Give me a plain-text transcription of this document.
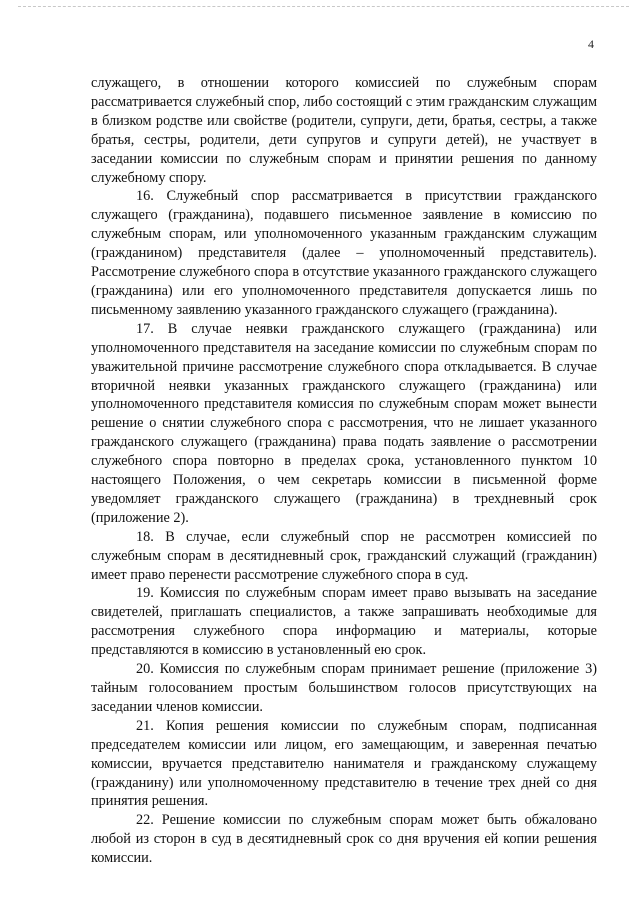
4

служащего, в отношении которого комиссией по служебным спорам рассматривается служебный спор, либо состоящий с этим гражданским служащим в близком родстве или свойстве (родители, супруги, дети, братья, сестры, а также братья, сестры, родители, дети супругов и супруги детей), не участвует в заседании комиссии по служебным спорам и принятии решения по данному служебному спору.

16. Служебный спор рассматривается в присутствии гражданского служащего (гражданина), подавшего письменное заявление в комиссию по служебным спорам, или уполномоченного указанным гражданским служащим (гражданином) представителя (далее – уполномоченный представитель). Рассмотрение служебного спора в отсутствие указанного гражданского служащего (гражданина) или его уполномоченного представителя допускается лишь по письменному заявлению указанного гражданского служащего (гражданина).

17. В случае неявки гражданского служащего (гражданина) или уполномоченного представителя на заседание комиссии по служебным спорам по уважительной причине рассмотрение служебного спора откладывается. В случае вторичной неявки указанных гражданского служащего (гражданина) или уполномоченного представителя комиссия по служебным спорам может вынести решение о снятии служебного спора с рассмотрения, что не лишает указанного гражданского служащего (гражданина) права подать заявление о рассмотрении служебного спора повторно в пределах срока, установленного пунктом 10 настоящего Положения, о чем секретарь комиссии в письменной форме уведомляет гражданского служащего (гражданина) в трехдневный срок (приложение 2).

18. В случае, если служебный спор не рассмотрен комиссией по служебным спорам в десятидневный срок, гражданский служащий (гражданин) имеет право перенести рассмотрение служебного спора в суд.

19. Комиссия по служебным спорам имеет право вызывать на заседание свидетелей, приглашать специалистов, а также запрашивать необходимые для рассмотрения служебного спора информацию и материалы, которые представляются в комиссию в установленный ею срок.

20. Комиссия по служебным спорам принимает решение (приложение 3) тайным голосованием простым большинством голосов присутствующих на заседании членов комиссии.

21. Копия решения комиссии по служебным спорам, подписанная председателем комиссии или лицом, его замещающим, и заверенная печатью комиссии, вручается представителю нанимателя и гражданскому служащему (гражданину) или уполномоченному представителю в течение трех дней со дня принятия решения.

22. Решение комиссии по служебным спорам может быть обжаловано любой из сторон в суд в десятидневный срок со дня вручения ей копии решения комиссии.
